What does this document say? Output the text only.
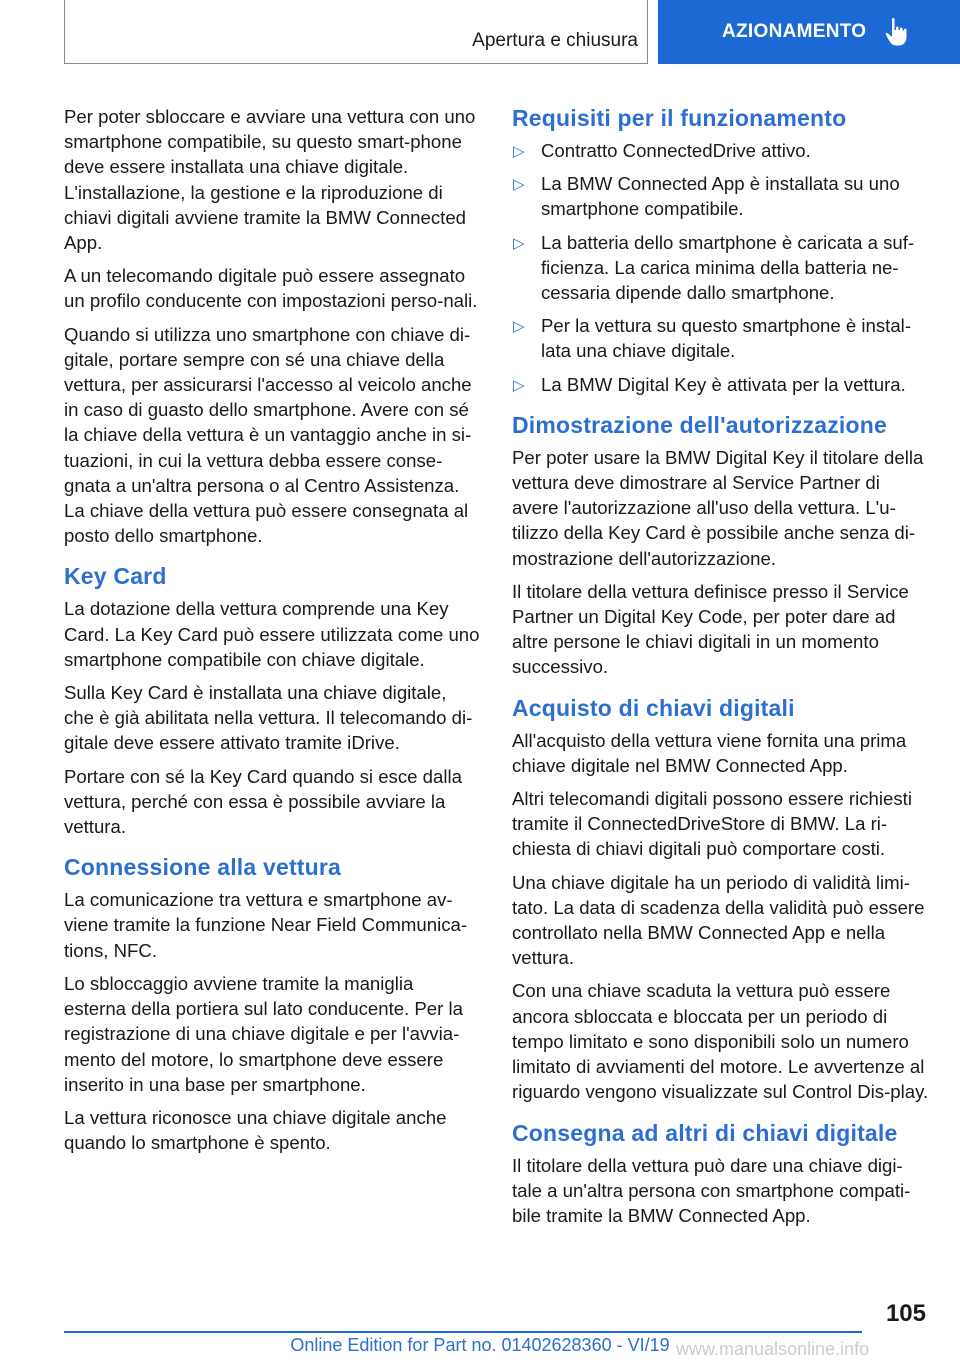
Apertura e chiusura	AZIONAMENTO

Per poter sbloccare e avviare una vettura con uno smartphone compatibile, su questo smart-phone deve essere installata una chiave digitale. L'installazione, la gestione e la riproduzione di chiavi digitali avviene tramite la BMW Connected App.

A un telecomando digitale può essere assegnato un profilo conducente con impostazioni perso-nali.

Quando si utilizza uno smartphone con chiave di-gitale, portare sempre con sé una chiave della vettura, per assicurarsi l'accesso al veicolo anche in caso di guasto dello smartphone. Avere con sé la chiave della vettura è un vantaggio anche in si-tuazioni, in cui la vettura debba essere conse-gnata a un'altra persona o al Centro Assistenza. La chiave della vettura può essere consegnata al posto dello smartphone.

Key Card

La dotazione della vettura comprende una Key Card. La Key Card può essere utilizzata come uno smartphone compatibile con chiave digitale.

Sulla Key Card è installata una chiave digitale, che è già abilitata nella vettura. Il telecomando di-gitale deve essere attivato tramite iDrive.

Portare con sé la Key Card quando si esce dalla vettura, perché con essa è possibile avviare la vettura.

Connessione alla vettura

La comunicazione tra vettura e smartphone av-viene tramite la funzione Near Field Communica-tions, NFC.

Lo sbloccaggio avviene tramite la maniglia esterna della portiera sul lato conducente. Per la registrazione di una chiave digitale e per l'avvia-mento del motore, lo smartphone deve essere inserito in una base per smartphone.

La vettura riconosce una chiave digitale anche quando lo smartphone è spento.

Requisiti per il funzionamento
▷ Contratto ConnectedDrive attivo.
▷ La BMW Connected App è installata su uno smartphone compatibile.
▷ La batteria dello smartphone è caricata a suf-ficienza. La carica minima della batteria ne-cessaria dipende dallo smartphone.
▷ Per la vettura su questo smartphone è instal-lata una chiave digitale.
▷ La BMW Digital Key è attivata per la vettura.
Dimostrazione dell'autorizzazione

Per poter usare la BMW Digital Key il titolare della vettura deve dimostrare al Service Partner di avere l'autorizzazione all'uso della vettura. L'u-tilizzo della Key Card è possibile anche senza di-mostrazione dell'autorizzazione.

Il titolare della vettura definisce presso il Service Partner un Digital Key Code, per poter dare ad altre persone le chiavi digitali in un momento successivo.

Acquisto di chiavi digitali

All'acquisto della vettura viene fornita una prima chiave digitale nel BMW Connected App.

Altri telecomandi digitali possono essere richiesti tramite il ConnectedDriveStore di BMW. La ri-chiesta di chiavi digitali può comportare costi.

Una chiave digitale ha un periodo di validità limi-tato. La data di scadenza della validità può essere controllato nella BMW Connected App e nella vettura.

Con una chiave scaduta la vettura può essere ancora sbloccata e bloccata per un periodo di tempo limitato e sono disponibili solo un numero limitato di avviamenti del motore. Le avvertenze al riguardo vengono visualizzate sul Control Dis-play.

Consegna ad altri di chiavi digitale

Il titolare della vettura può dare una chiave digi-tale a un'altra persona con smartphone compati-bile tramite la BMW Connected App.

105
Online Edition for Part no. 01402628360 - VI/19 www.manualsonline.info
